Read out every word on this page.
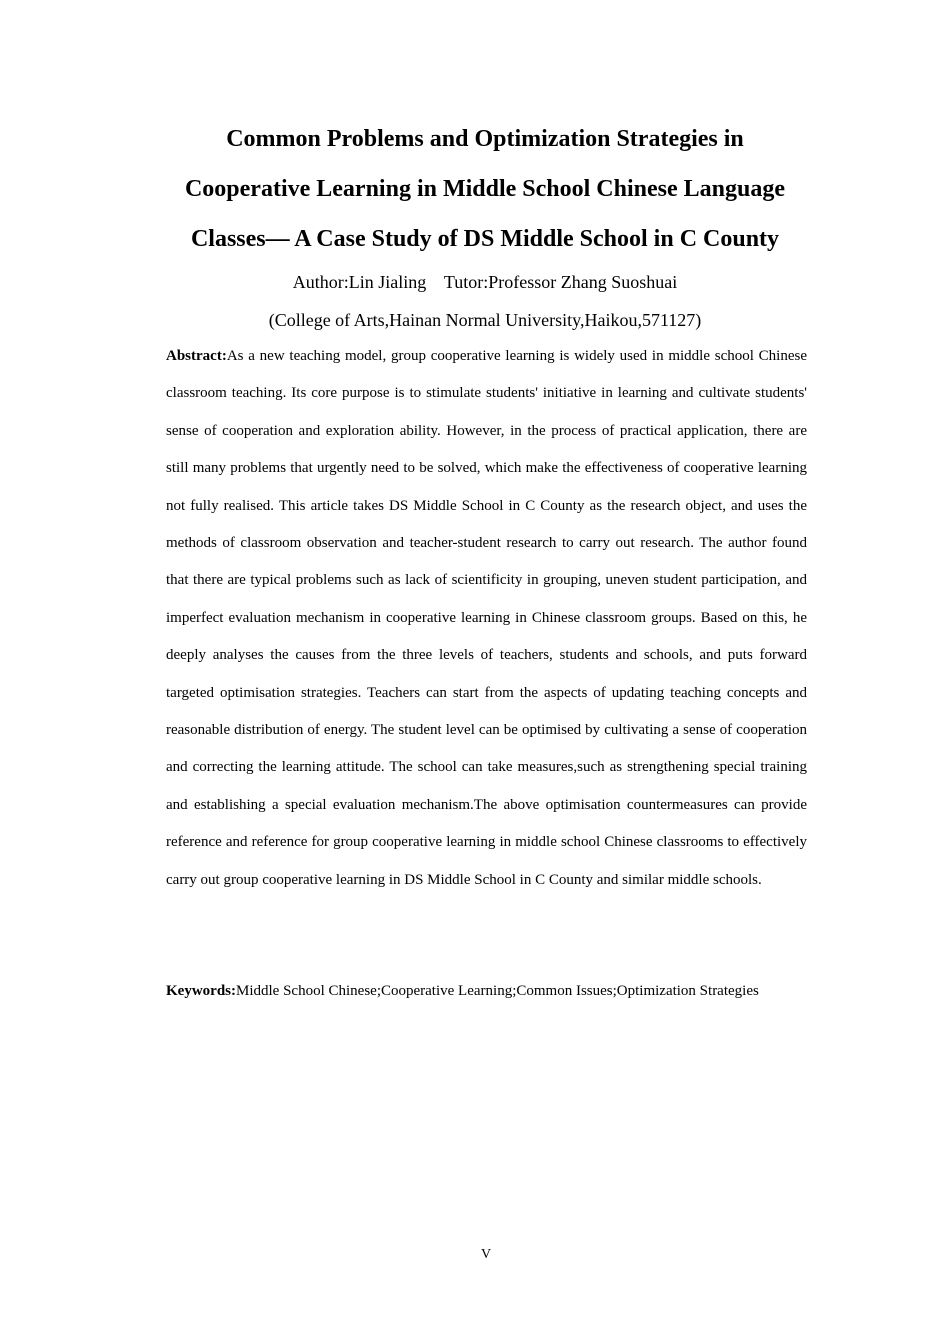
Common Problems and Optimization Strategies in
Cooperative Learning in Middle School Chinese Language
Classes— A Case Study of DS Middle School in C County
Author:Lin Jialing    Tutor:Professor Zhang Suoshuai
(College of Arts,Hainan Normal University,Haikou,571127)

Abstract:As a new teaching model, group cooperative learning is widely used in middle school Chinese classroom teaching. Its core purpose is to stimulate students' initiative in learning and cultivate students' sense of cooperation and exploration ability. However, in the process of practical application, there are still many problems that urgently need to be solved, which make the effectiveness of cooperative learning not fully realised. This article takes DS Middle School in C County as the research object, and uses the methods of classroom observation and teacher-student research to carry out research. The author found that there are typical problems such as lack of scientificity in grouping, uneven student participation, and imperfect evaluation mechanism in cooperative learning in Chinese classroom groups. Based on this, he deeply analyses the causes from the three levels of teachers, students and schools, and puts forward targeted optimisation strategies. Teachers can start from the aspects of updating teaching concepts and reasonable distribution of energy. The student level can be optimised by cultivating a sense of cooperation and correcting the learning attitude. The school can take measures,such as strengthening special training and establishing a special evaluation mechanism.The above optimisation countermeasures can provide reference and reference for group cooperative learning in middle school Chinese classrooms to effectively carry out group cooperative learning in DS Middle School in C County and similar middle schools.

Keywords:Middle School Chinese;Cooperative Learning;Common Issues;Optimization Strategies

V
